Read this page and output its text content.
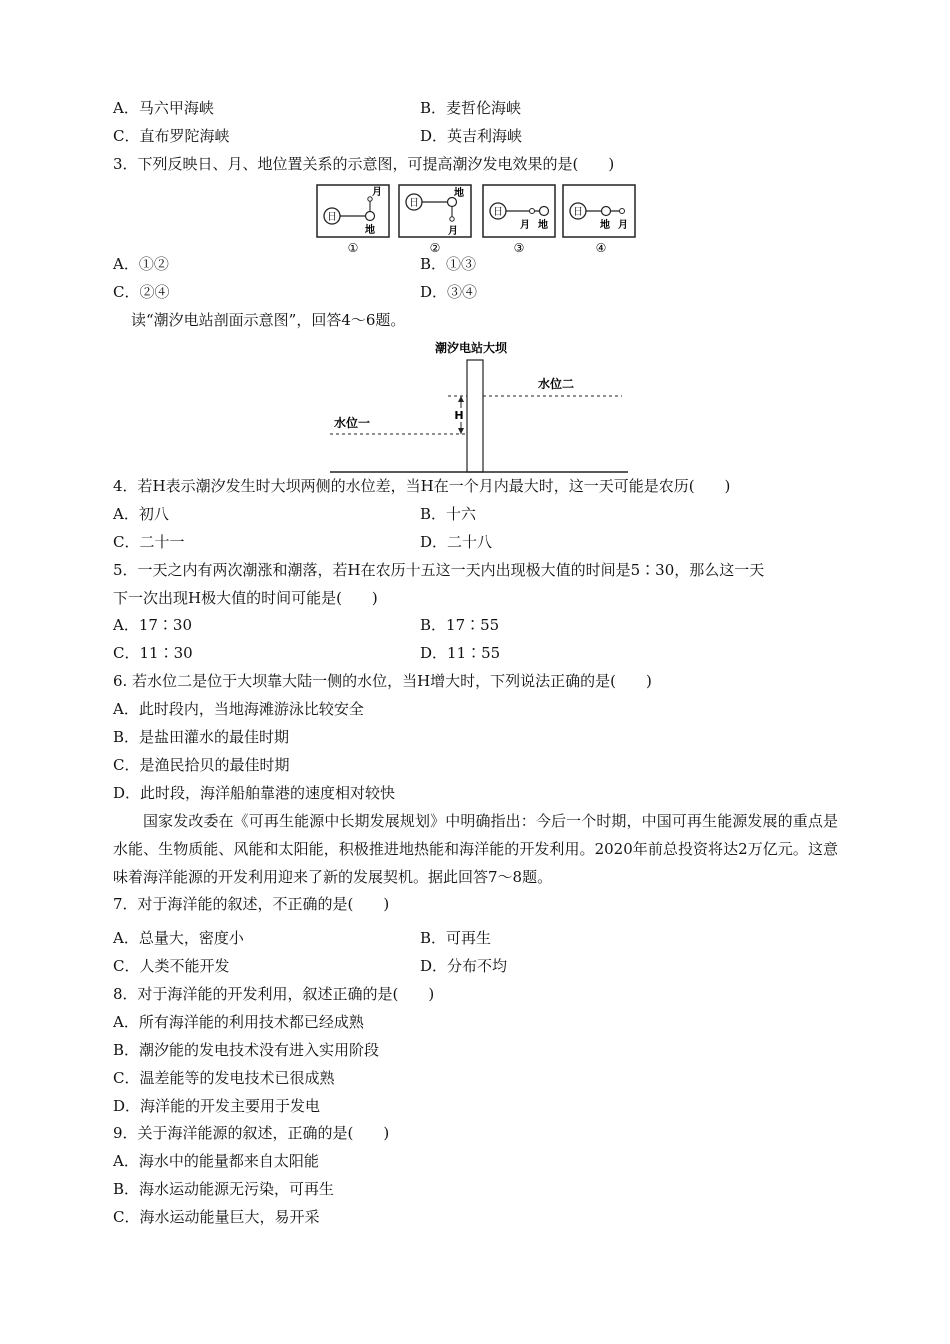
A．马六甲海峡	B．麦哲伦海峡
C．直布罗陀海峡	D．英吉利海峡
3．下列反映日、月、地位置关系的示意图，可提高潮汐发电效果的是(　　)
日
月
地
日
地
月
日
月 地
日
地 月
①	②	③	④
A．①②	B．①③
C．②④	D．③④
读“潮汐电站剖面示意图”，回答4～6题。
潮汐电站大坝
H
水位二
水位一
4．若H表示潮汐发生时大坝两侧的水位差，当H在一个月内最大时，这一天可能是农历(　　)
A．初八	B．十六
C．二十一	D．二十八
5．一天之内有两次潮涨和潮落，若H在农历十五这一天内出现极大值的时间是5∶30，那么这一天
下一次出现H极大值的时间可能是(　　)
A．17∶30	B．17∶55
C．11∶30	D．11∶55
6. 若水位二是位于大坝靠大陆一侧的水位，当H增大时，下列说法正确的是(　　)
A．此时段内，当地海滩游泳比较安全
B．是盐田灌水的最佳时期
C．是渔民拾贝的最佳时期
D．此时段，海洋船舶靠港的速度相对较快
国家发改委在《可再生能源中长期发展规划》中明确指出：今后一个时期，中国可再生能源发展的重点是水能、生物质能、风能和太阳能，积极推进地热能和海洋能的开发利用。2020年前总投资将达2万亿元。这意味着海洋能源的开发利用迎来了新的发展契机。据此回答7～8题。
7．对于海洋能的叙述，不正确的是(　　)
A．总量大，密度小	B．可再生
C．人类不能开发	D．分布不均
8．对于海洋能的开发利用，叙述正确的是(　　)
A．所有海洋能的利用技术都已经成熟
B．潮汐能的发电技术没有进入实用阶段
C．温差能等的发电技术已很成熟
D．海洋能的开发主要用于发电
9．关于海洋能源的叙述，正确的是(　　)
A．海水中的能量都来自太阳能
B．海水运动能源无污染，可再生
C．海水运动能量巨大，易开采
